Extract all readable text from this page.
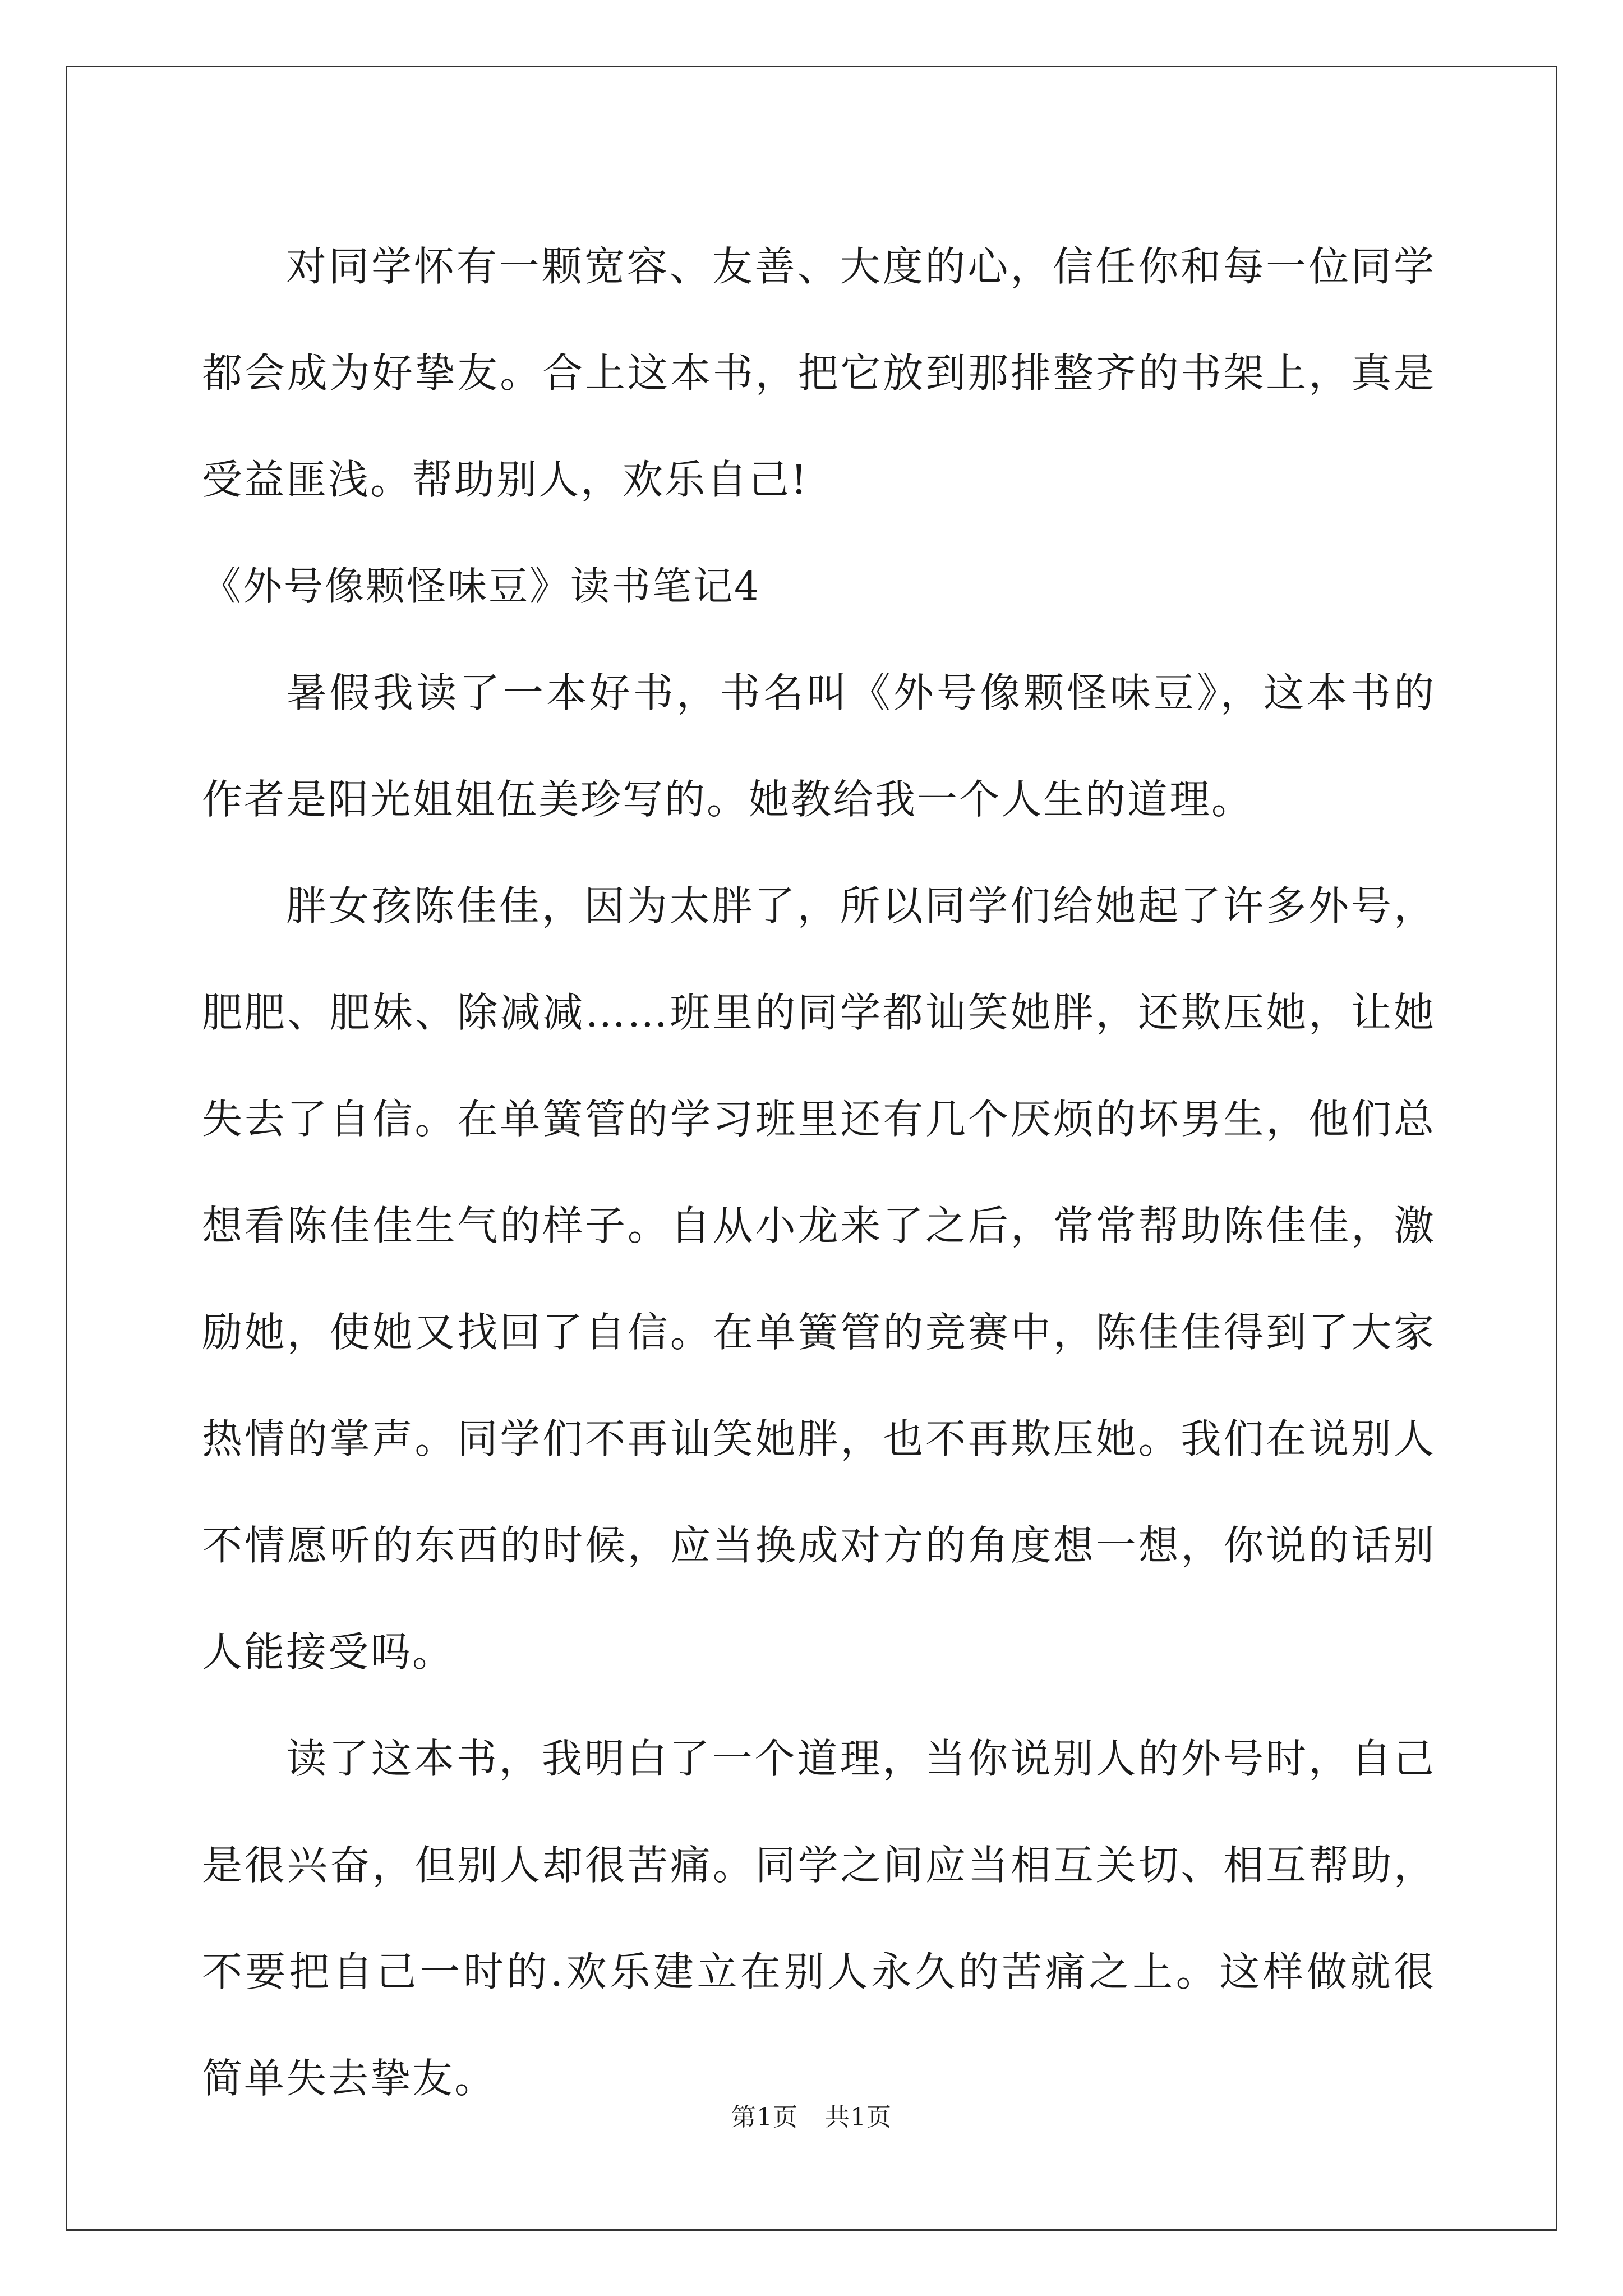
对同学怀有一颗宽容、友善、大度的心，信任你和每一位同学都会成为好挚友。合上这本书，把它放到那排整齐的书架上，真是受益匪浅。帮助别人，欢乐自己!

《外号像颗怪味豆》读书笔记4

暑假我读了一本好书，书名叫《外号像颗怪味豆》，这本书的作者是阳光姐姐伍美珍写的。她教给我一个人生的道理。

胖女孩陈佳佳，因为太胖了，所以同学们给她起了许多外号，肥肥、肥妹、除减减……班里的同学都讪笑她胖，还欺压她，让她失去了自信。在单簧管的学习班里还有几个厌烦的坏男生，他们总想看陈佳佳生气的样子。自从小龙来了之后，常常帮助陈佳佳，激励她，使她又找回了自信。在单簧管的竞赛中，陈佳佳得到了大家热情的掌声。同学们不再讪笑她胖，也不再欺压她。我们在说别人不情愿听的东西的时候，应当换成对方的角度想一想，你说的话别人能接受吗。

读了这本书，我明白了一个道理，当你说别人的外号时，自己是很兴奋，但别人却很苦痛。同学之间应当相互关切、相互帮助，不要把自己一时的.欢乐建立在别人永久的苦痛之上。这样做就很简单失去挚友。

第1页 共1页
